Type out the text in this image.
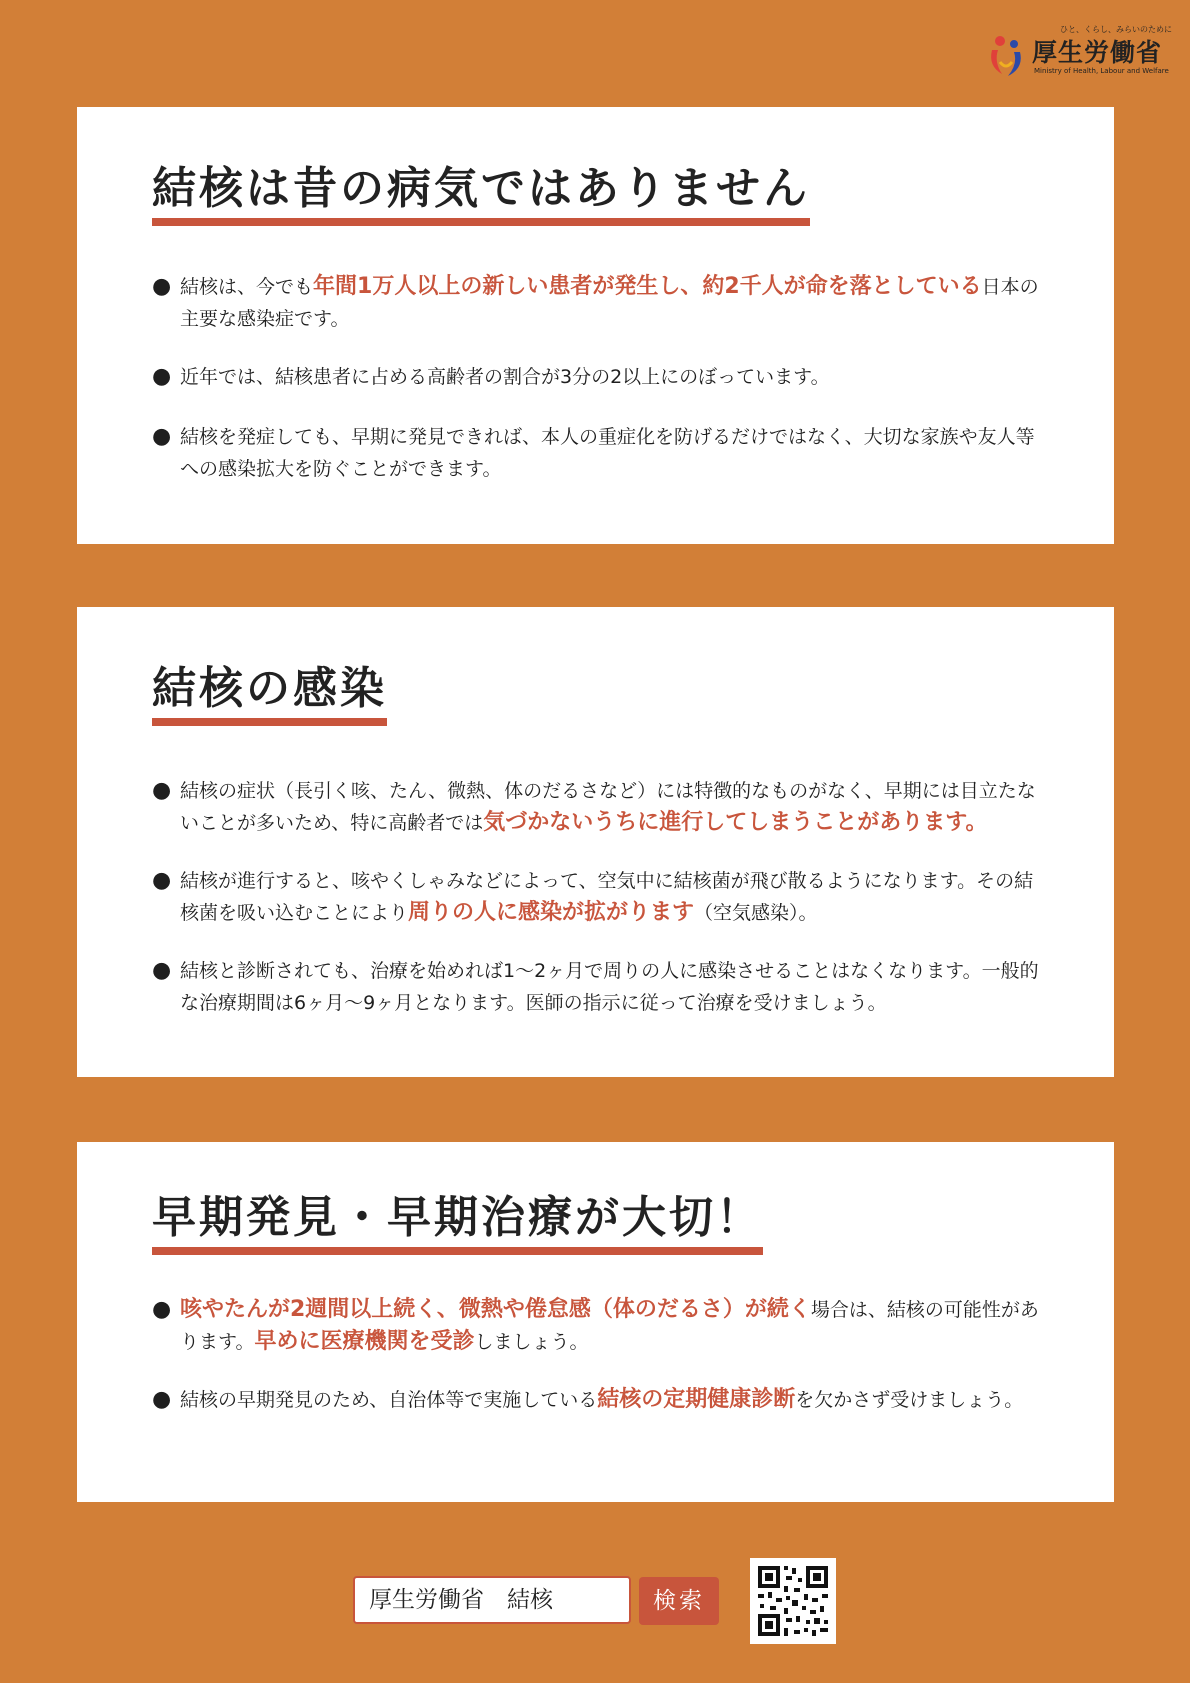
ひと、くらし、みらいのために
厚生労働省
Ministry of Health, Labour and Welfare
結核は昔の病気ではありません
● 結核は、今でも年間1万人以上の新しい患者が発生し、約2千人が命を落としている日本の主要な感染症です。
● 近年では、結核患者に占める高齢者の割合が3分の2以上にのぼっています。
● 結核を発症しても、早期に発見できれば、本人の重症化を防げるだけではなく、大切な家族や友人等への感染拡大を防ぐことができます。
結核の感染
● 結核の症状（長引く咳、たん、微熱、体のだるさなど）には特徴的なものがなく、早期には目立たないことが多いため、特に高齢者では気づかないうちに進行してしまうことがあります。
● 結核が進行すると、咳やくしゃみなどによって、空気中に結核菌が飛び散るようになります。その結核菌を吸い込むことにより周りの人に感染が拡がります（空気感染）。
● 結核と診断されても、治療を始めれば1～2ヶ月で周りの人に感染させることはなくなります。一般的な治療期間は6ヶ月～9ヶ月となります。医師の指示に従って治療を受けましょう。
早期発見・早期治療が大切！
● 咳やたんが2週間以上続く、微熱や倦怠感（体のだるさ）が続く場合は、結核の可能性があります。早めに医療機関を受診しましょう。
● 結核の早期発見のため、自治体等で実施している結核の定期健康診断を欠かさず受けましょう。
厚生労働省　結核	検索
